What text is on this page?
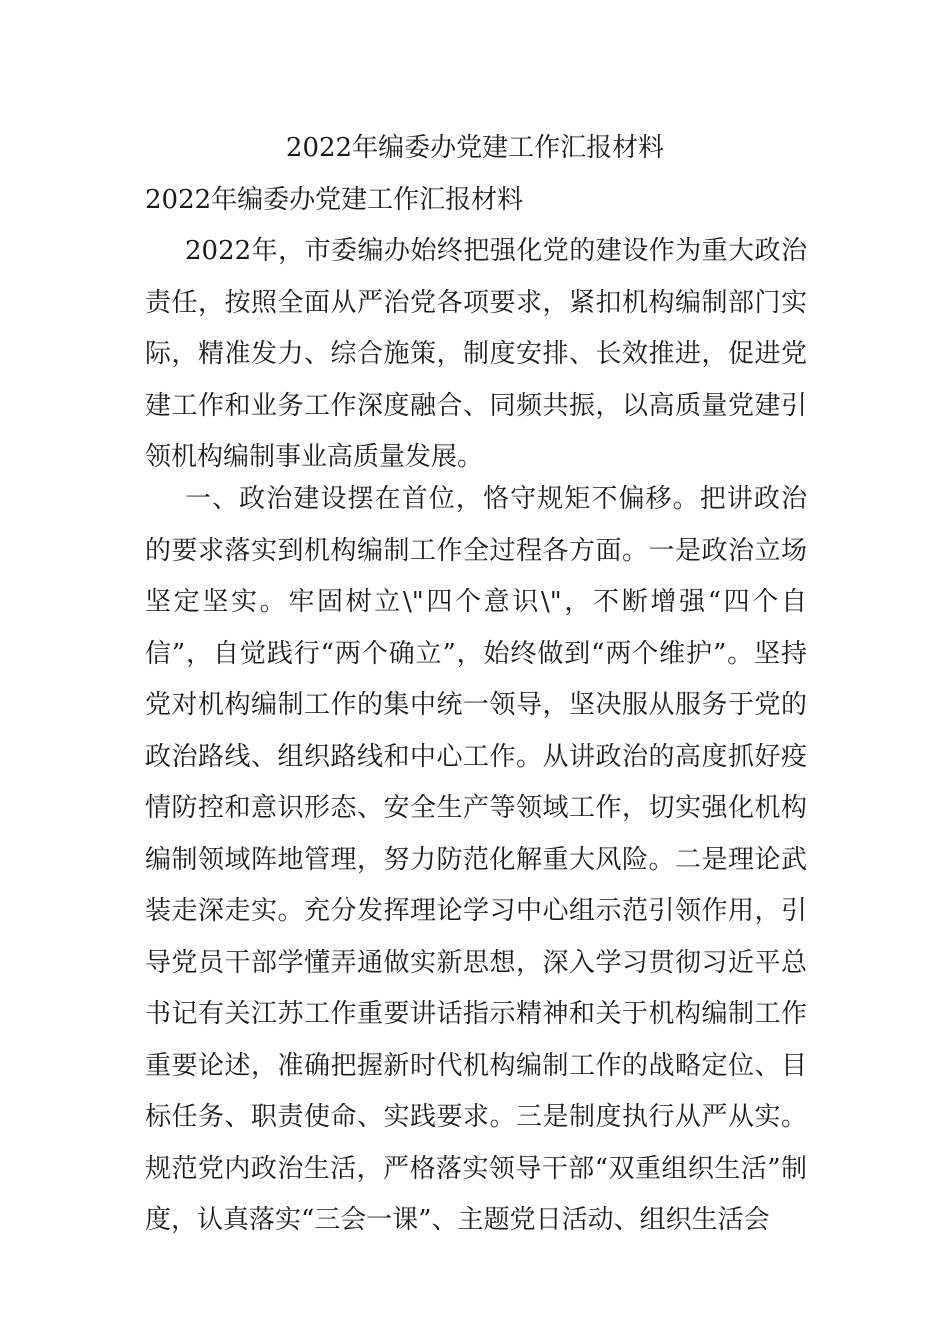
2022年编委办党建工作汇报材料
2022年编委办党建工作汇报材料

2022年，市委编办始终把强化党的建设作为重大政治责任，按照全面从严治党各项要求，紧扣机构编制部门实际，精准发力、综合施策，制度安排、长效推进，促进党建工作和业务工作深度融合、同频共振，以高质量党建引领机构编制事业高质量发展。

一、政治建设摆在首位，恪守规矩不偏移。把讲政治的要求落实到机构编制工作全过程各方面。一是政治立场坚定坚实。牢固树立\"四个意识\"，不断增强“四个自信”，自觉践行“两个确立”，始终做到“两个维护”。坚持党对机构编制工作的集中统一领导，坚决服从服务于党的政治路线、组织路线和中心工作。从讲政治的高度抓好疫情防控和意识形态、安全生产等领域工作，切实强化机构编制领域阵地管理，努力防范化解重大风险。二是理论武装走深走实。充分发挥理论学习中心组示范引领作用，引导党员干部学懂弄通做实新思想，深入学习贯彻习近平总书记有关江苏工作重要讲话指示精神和关于机构编制工作重要论述，准确把握新时代机构编制工作的战略定位、目标任务、职责使命、实践要求。三是制度执行从严从实。规范党内政治生活，严格落实领导干部“双重组织生活”制度，认真落实“三会一课”、主题党日活动、组织生活会
